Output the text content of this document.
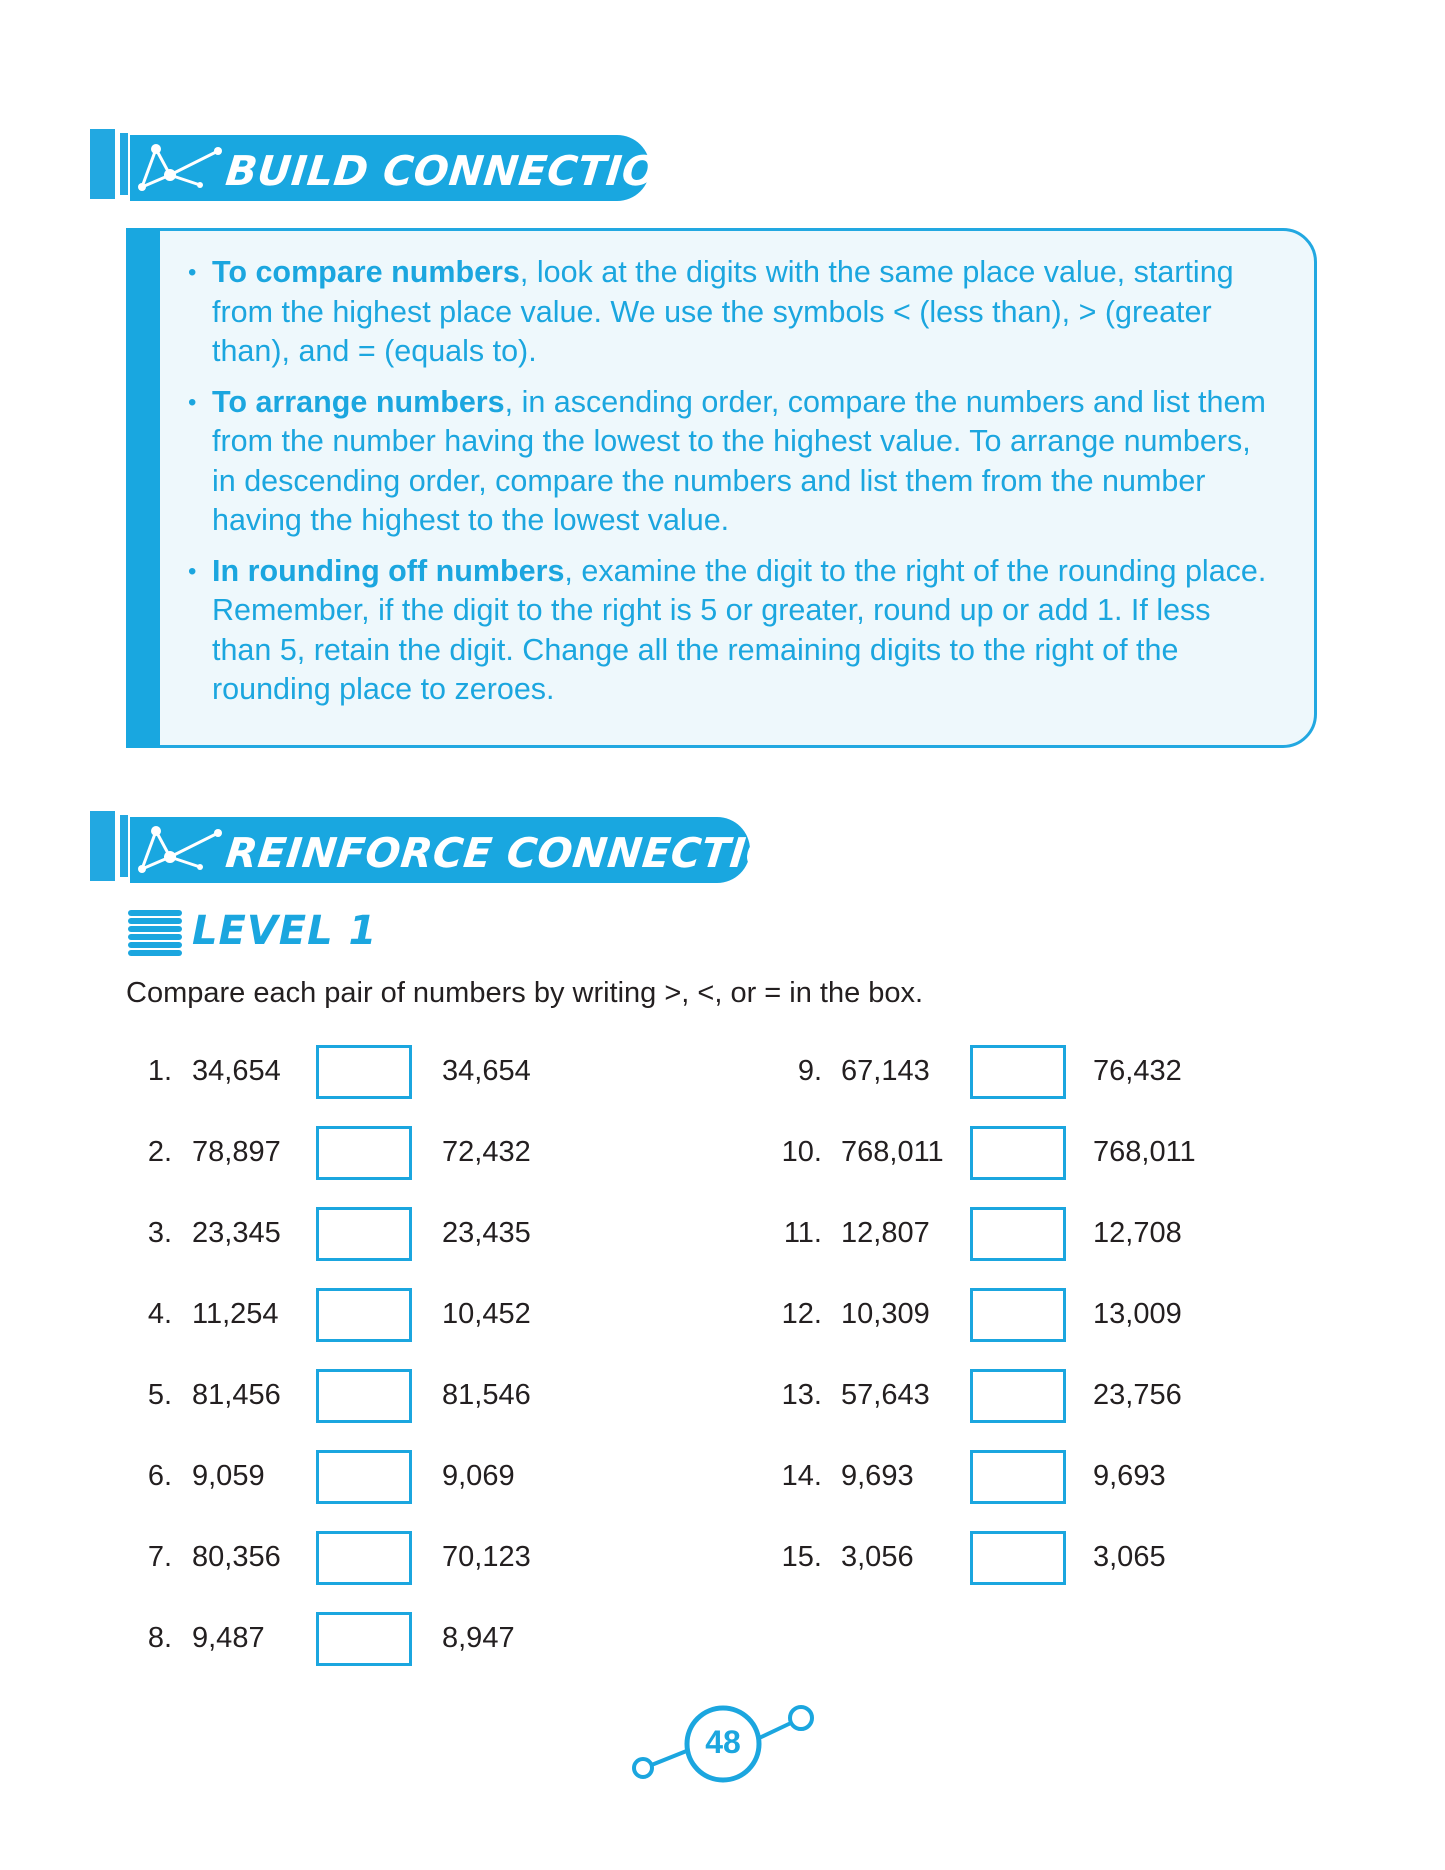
BUILD CONNECTIONS
• To compare numbers, look at the digits with the same place value, starting from the highest place value. We use the symbols < (less than), > (greater than), and = (equals to).
• To arrange numbers, in ascending order, compare the numbers and list them from the number having the lowest to the highest value. To arrange numbers, in descending order, compare the numbers and list them from the number having the highest to the lowest value.
• In rounding off numbers, examine the digit to the right of the rounding place. Remember, if the digit to the right is 5 or greater, round up or add 1. If less than 5, retain the digit. Change all the remaining digits to the right of the rounding place to zeroes.
REINFORCE CONNECTIONS
LEVEL 1
Compare each pair of numbers by writing >, <, or = in the box.
1. 34,654	34,654
2. 78,897	72,432
3. 23,345	23,435
4. 11,254	10,452
5. 81,456	81,546
6. 9,059	9,069
7. 80,356	70,123
8. 9,487	8,947
9. 67,143	76,432
10. 768,011	768,011
11. 12,807	12,708
12. 10,309	13,009
13. 57,643	23,756
14. 9,693	9,693
15. 3,056	3,065
48
